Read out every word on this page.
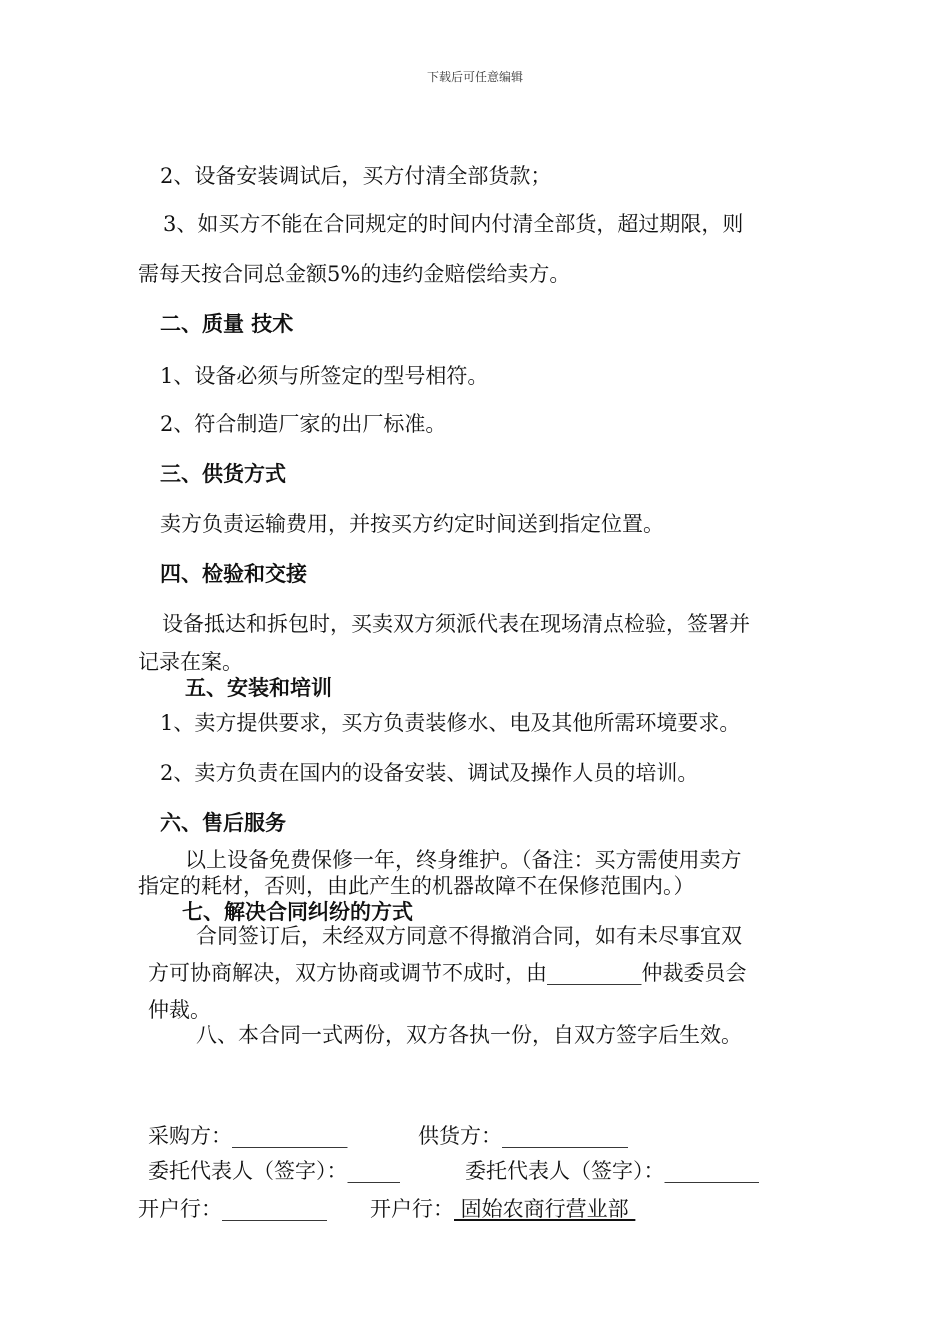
下载后可任意编辑
2、设备安装调试后，买方付清全部货款；
3、如买方不能在合同规定的时间内付清全部货，超过期限，则
需每天按合同总金额5%的违约金赔偿给卖方。
二、质量 技术
1、设备必须与所签定的型号相符。
2、符合制造厂家的出厂标准。
三、供货方式
卖方负责运输费用，并按买方约定时间送到指定位置。
四、检验和交接
设备抵达和拆包时，买卖双方须派代表在现场清点检验，签署并
记录在案。
五、安装和培训
1、卖方提供要求，买方负责装修水、电及其他所需环境要求。
2、卖方负责在国内的设备安装、调试及操作人员的培训。
六、售后服务
以上设备免费保修一年，终身维护。（备注：买方需使用卖方
指定的耗材，否则，由此产生的机器故障不在保修范围内。）
七、解决合同纠纷的方式
合同签订后，未经双方同意不得撤消合同，如有未尽事宜双
方可协商解决，双方协商或调节不成时，由_________仲裁委员会
仲裁。
八、本合同一式两份，双方各执一份，自双方签字后生效。
采购方：___________	供货方：____________
委托代表人（签字）：_____	委托代表人（签字）：_________
开户行：__________ 开户行： 固始农商行营业部
